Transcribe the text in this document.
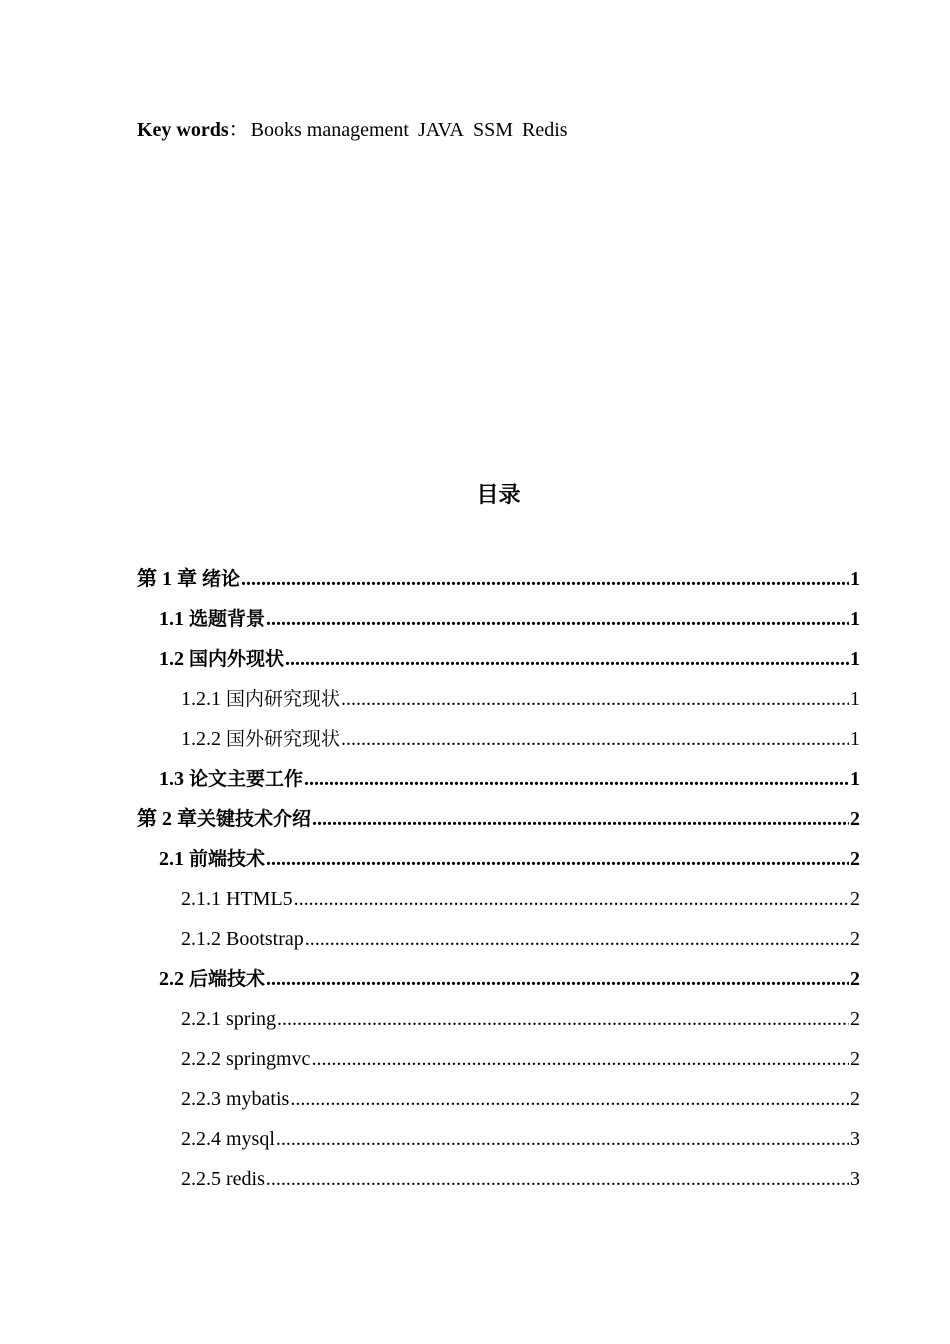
Key words： Books management JAVA SSM Redis
目录
第 1 章 绪论 .....	1
1.1 选题背景 .....	1
1.2 国内外现状 .....	1
1.2.1 国内研究现状 .....	1
1.2.2 国外研究现状 .....	1
1.3 论文主要工作 .....	1
第 2 章关键技术介绍 .....	2
2.1 前端技术 .....	2
2.1.1 HTML5 .....	2
2.1.2 Bootstrap .....	2
2.2 后端技术 .....	2
2.2.1 spring .....	2
2.2.2 springmvc .....	2
2.2.3 mybatis .....	2
2.2.4 mysql .....	3
2.2.5 redis .....	3
